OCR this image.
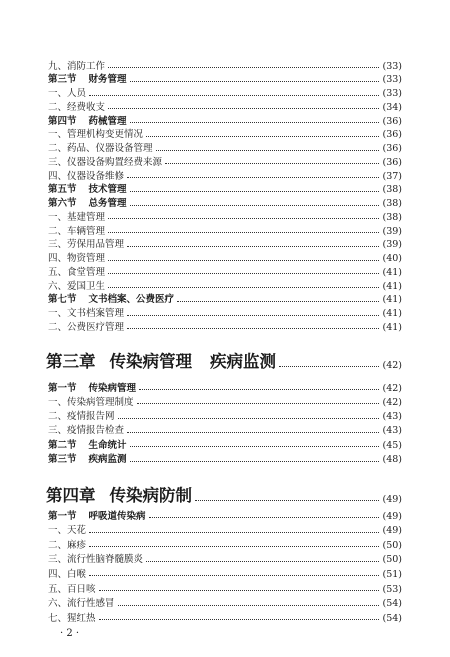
九、消防工作	(33)
第三节 财务管理	(33)
一、人员	(33)
二、经费收支	(34)
第四节 药械管理	(36)
一、管理机构变更情况	(36)
二、药品、仪器设备管理	(36)
三、仪器设备购置经费来源	(36)
四、仪器设备维修	(37)
第五节 技术管理	(38)
第六节 总务管理	(38)
一、基建管理	(38)
二、车辆管理	(39)
三、劳保用品管理	(39)
四、物资管理	(40)
五、食堂管理	(41)
六、爱国卫生	(41)
第七节 文书档案、公费医疗	(41)
一、文书档案管理	(41)
二、公费医疗管理	(41)
第三章 传染病管理 疾病监测	(42)
第一节 传染病管理	(42)
一、传染病管理制度	(42)
二、疫情报告网	(43)
三、疫情报告检查	(43)
第二节 生命统计	(45)
第三节 疾病监测	(48)
第四章 传染病防制	(49)
第一节 呼吸道传染病	(49)
一、天花	(49)
二、麻疹	(50)
三、流行性脑脊髓膜炎	(50)
四、白喉	(51)
五、百日咳	(53)
六、流行性感冒	(54)
七、猩红热	(54)
· 2 ·
